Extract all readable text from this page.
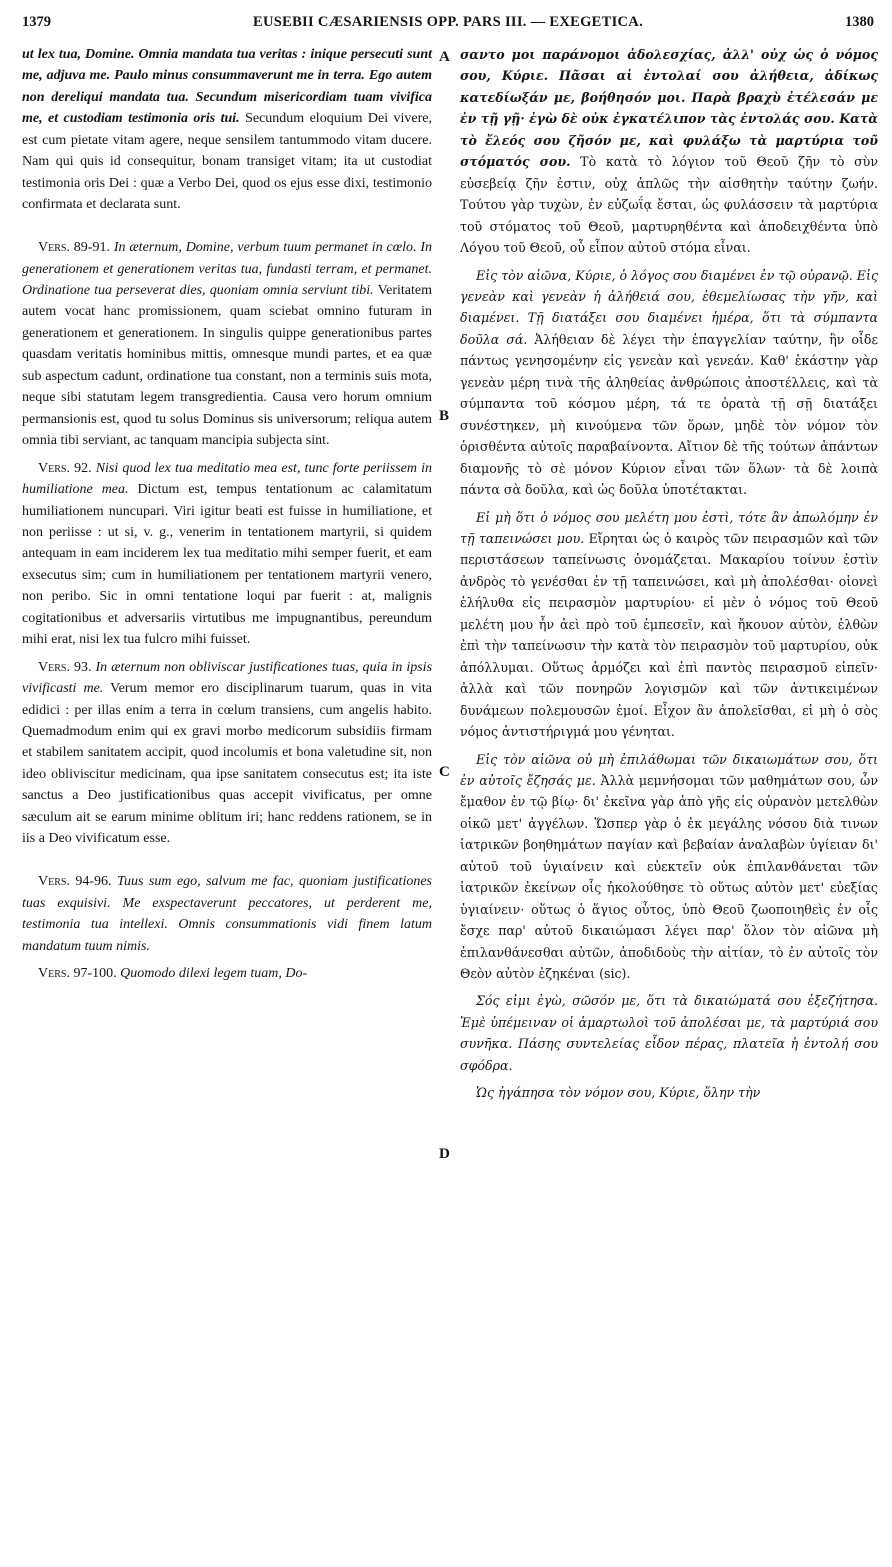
1379	EUSEBII CÆSARIENSIS OPP. PARS III. — EXEGETICA.	1380
A
B
C
D

ut lex tua, Domine. Omnia mandata tua veritas : inique persecuti sunt me, adjuva me. Paulo minus consummaverunt me in terra. Ego autem non dereliqui mandata tua. Secundum misericordiam tuam vivifica me, et custodiam testimonia oris tui. Secundum eloquium Dei vivere, est cum pietate vitam agere, neque sensilem tantummodo vitam ducere. Nam qui quis id consequitur, bonam transiget vitam; ita ut custodiat testimonia oris Dei : quæ a Verbo Dei, quod os ejus esse dixi, testimonio confirmata et declarata sunt.

Vers. 89-91. In æternum, Domine, verbum tuum permanet in cœlo. In generationem et generationem veritas tua, fundasti terram, et permanet. Ordinatione tua perseverat dies, quoniam omnia serviunt tibi. Veritatem autem vocat hanc promissionem, quam sciebat omnino futuram in generationem et generationem. In singulis quippe generationibus partes quasdam veritatis hominibus mittis, omnesque mundi partes, et ea quæ sub aspectum cadunt, ordinatione tua constant, non a terminis suis mota, neque sibi statutam legem transgredientia. Causa vero horum omnium permansionis est, quod tu solus Dominus sis universorum; reliqua autem omnia tibi serviant, ac tanquam mancipia subjecta sint.

Vers. 92. Nisi quod lex tua meditatio mea est, tunc forte periissem in humiliatione mea. Dictum est, tempus tentationum ac calamitatum humiliationem nuncupari. Viri igitur beati est fuisse in humiliatione, et non periisse : ut si, v. g., venerim in tentationem martyrii, si quidem antequam in eam inciderem lex tua meditatio mihi semper fuerit, et eam exsecutus sim; cum in humiliationem per tentationem martyrii venero, non peribo. Sic in omni tentatione loqui par fuerit : at, malignis cogitationibus et adversariis virtutibus me impugnantibus, pereundum mihi erat, nisi lex tua fulcro mihi fuisset.

Vers. 93. In æternum non obliviscar justificationes tuas, quia in ipsis vivificasti me. Verum memor ero disciplinarum tuarum, quas in vita edidici : per illas enim a terra in cœlum transiens, cum angelis habito. Quemadmodum enim qui ex gravi morbo medicorum subsidiis firmam et stabilem sanitatem accipit, quod incolumis et bona valetudine sit, non ideo obliviscitur medicinam, qua ipse sanitatem consecutus est; ita iste sanctus a Deo justificationibus quas accepit vivificatus, per omne sæculum ait se earum minime oblitum iri; hanc reddens rationem, se in iis a Deo vivificatum esse.

Vers. 94-96. Tuus sum ego, salvum me fac, quoniam justificationes tuas exquisivi. Me exspectaverunt peccatores, ut perderent me, testimonia tua intellexi. Omnis consummationis vidi finem latum mandatum tuum nimis.

Vers. 97-100. Quomodo dilexi legem tuam, Do-

σαντο μοι παράνομοι ἀδολεσχίας, ἀλλ' οὐχ ὡς ὁ νόμος σου, Κύριε. Πᾶσαι αἱ ἐντολαί σου ἀλήθεια, ἀδίκως κατεδίωξάν με, βοήθησόν μοι. Παρὰ βραχὺ ἐτέλεσάν με ἐν τῇ γῇ· ἐγὼ δὲ οὐκ ἐγκατέλιπον τὰς ἐντολάς σου. Κατὰ τὸ ἔλεός σου ζῆσόν με, καὶ φυλάξω τὰ μαρτύρια τοῦ στόματός σου. Τὸ κατὰ τὸ λόγιον τοῦ Θεοῦ ζῆν τὸ σὺν εὐσεβείᾳ ζῆν ἐστιν, οὐχ ἁπλῶς τὴν αἰσθητὴν ταύτην ζωήν. Τούτου γὰρ τυχὼν, ἐν εὐζωΐᾳ ἔσται, ὡς φυλάσσειν τὰ μαρτύρια τοῦ στόματος τοῦ Θεοῦ, μαρτυρηθέντα καὶ ἀποδειχθέντα ὑπὸ Λόγου τοῦ Θεοῦ, οὗ εἶπον αὐτοῦ στόμα εἶναι.

Εἰς τὸν αἰῶνα, Κύριε, ὁ λόγος σου διαμένει ἐν τῷ οὐρανῷ. Εἰς γενεὰν καὶ γενεὰν ἡ ἀλήθειά σου, ἐθεμελίωσας τὴν γῆν, καὶ διαμένει. Τῇ διατάξει σου διαμένει ἡμέρα, ὅτι τὰ σύμπαντα δοῦλα σά. Ἀλήθειαν δὲ λέγει τὴν ἐπαγγελίαν ταύτην, ἣν οἶδε πάντως γενησομένην εἰς γενεὰν καὶ γενεάν. Καθ' ἑκάστην γὰρ γενεὰν μέρη τινὰ τῆς ἀληθείας ἀνθρώποις ἀποστέλλεις, καὶ τὰ σύμπαντα τοῦ κόσμου μέρη, τά τε ὁρατὰ τῇ σῇ διατάξει συνέστηκεν, μὴ κινούμενα τῶν ὅρων, μηδὲ τὸν νόμον τὸν ὁρισθέντα αὐτοῖς παραβαίνοντα. Αἴτιον δὲ τῆς τούτων ἁπάντων διαμονῆς τὸ σὲ μόνον Κύριον εἶναι τῶν ὅλων· τὰ δὲ λοιπὰ πάντα σὰ δοῦλα, καὶ ὡς δοῦλα ὑποτέτακται.

Εἰ μὴ ὅτι ὁ νόμος σου μελέτη μου ἐστὶ, τότε ἂν ἀπωλόμην ἐν τῇ ταπεινώσει μου. Εἴρηται ὡς ὁ καιρὸς τῶν πειρασμῶν καὶ τῶν περιστάσεων ταπείνωσις ὀνομάζεται. Μακαρίου τοίνυν ἐστὶν ἀνδρὸς τὸ γενέσθαι ἐν τῇ ταπεινώσει, καὶ μὴ ἀπολέσθαι· οἱονεὶ ἐλήλυθα εἰς πειρασμὸν μαρτυρίου· εἰ μὲν ὁ νόμος τοῦ Θεοῦ μελέτη μου ἦν ἀεὶ πρὸ τοῦ ἐμπεσεῖν, καὶ ἤκουον αὐτὸν, ἐλθὼν ἐπὶ τὴν ταπείνωσιν τὴν κατὰ τὸν πειρασμὸν τοῦ μαρτυρίου, οὐκ ἀπόλλυμαι. Οὕτως ἁρμόζει καὶ ἐπὶ παντὸς πειρασμοῦ εἰπεῖν· ἀλλὰ καὶ τῶν πονηρῶν λογισμῶν καὶ τῶν ἀντικειμένων δυνάμεων πολεμουσῶν ἐμοί. Εἶχον ἂν ἀπολεῖσθαι, εἰ μὴ ὁ σὸς νόμος ἀντιστήριγμά μου γένηται.

Εἰς τὸν αἰῶνα οὐ μὴ ἐπιλάθωμαι τῶν δικαιωμάτων σου, ὅτι ἐν αὐτοῖς ἔζησάς με. Ἀλλὰ μεμνήσομαι τῶν μαθημάτων σου, ὧν ἔμαθον ἐν τῷ βίῳ· δι' ἐκεῖνα γὰρ ἀπὸ γῆς εἰς οὐρανὸν μετελθὼν οἰκῶ μετ' ἀγγέλων. Ὥσπερ γὰρ ὁ ἐκ μεγάλης νόσου διὰ τινων ἰατρικῶν βοηθημάτων παγίαν καὶ βεβαίαν ἀναλαβὼν ὑγίειαν δι' αὐτοῦ τοῦ ὑγιαίνειν καὶ εὐεκτεῖν οὐκ ἐπιλανθάνεται τῶν ἰατρικῶν ἐκείνων οἷς ἠκολούθησε τὸ οὕτως αὐτὸν μετ' εὐεξίας ὑγιαίνειν· οὕτως ὁ ἅγιος οὗτος, ὑπὸ Θεοῦ ζωοποιηθεὶς ἐν οἷς ἔσχε παρ' αὐτοῦ δικαιώμασι λέγει παρ' ὅλον τὸν αἰῶνα μὴ ἐπιλανθάνεσθαι αὐτῶν, ἀποδιδοὺς τὴν αἰτίαν, τὸ ἐν αὐτοῖς τὸν Θεὸν αὐτὸν ἐζηκέναι (sic).

Σός εἰμι ἐγὼ, σῶσόν με, ὅτι τὰ δικαιώματά σου ἐξεζήτησα. Ἐμὲ ὑπέμειναν οἱ ἁμαρτωλοὶ τοῦ ἀπολέσαι με, τὰ μαρτύριά σου συνῆκα. Πάσης συντελείας εἶδον πέρας, πλατεῖα ἡ ἐντολή σου σφόδρα.

Ὡς ἠγάπησα τὸν νόμον σου, Κύριε, ὅλην τὴν
